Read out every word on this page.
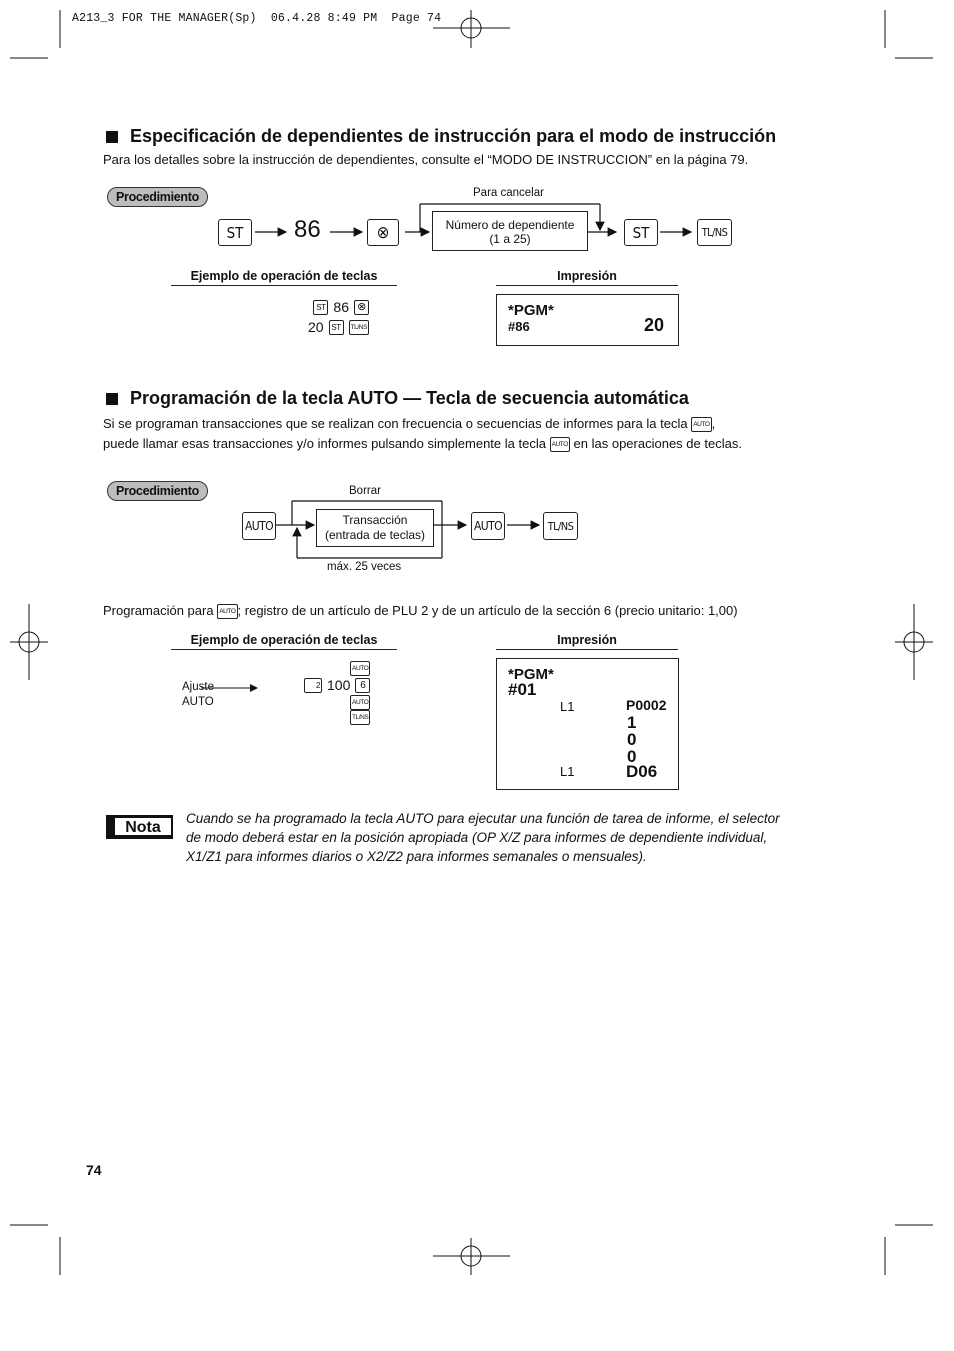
A213_3 FOR THE MANAGER(Sp)  06.4.28 8:49 PM  Page 74
Especificación de dependientes de instrucción para el modo de instrucción
Para los detalles sobre la instrucción de dependientes, consulte el “MODO DE INSTRUCCION” en la página 79.
Procedimiento
ST	86	⊗
Para cancelar
Número de dependiente
(1 a 25)	ST	TL/NS
Ejemplo de operación de teclas	Impresión
ST 86 ⊗
20 ST	TL/NS
*PGM*
#86	20
Programación de la tecla AUTO — Tecla de secuencia automática
Si se programan transacciones que se realizan con frecuencia o secuencias de informes para la tecla AUTO ,
puede llamar esas transacciones y/o informes pulsando simplemente la tecla AUTO en las operaciones de teclas.
Procedimiento
AUTO
Borrar
Transacción
(entrada de teclas)
máx. 25 veces
AUTO	TL/NS
Programación para AUTO ; registro de un artículo de PLU 2 y de un artículo de la sección 6 (precio unitario: 1,00)
Ejemplo de operación de teclas	Impresión
Ajuste
AUTO
AUTO
2 100 6
AUTO
TL/NS
*PGM*
#01
L1	P0002
1
0
0
L1	D06
Nota
Cuando se ha programado la tecla AUTO para ejecutar una función de tarea de informe, el selector
de modo deberá estar en la posición apropiada (OP X/Z para informes de dependiente individual,
X1/Z1 para informes diarios o X2/Z2 para informes semanales o mensuales).
74
